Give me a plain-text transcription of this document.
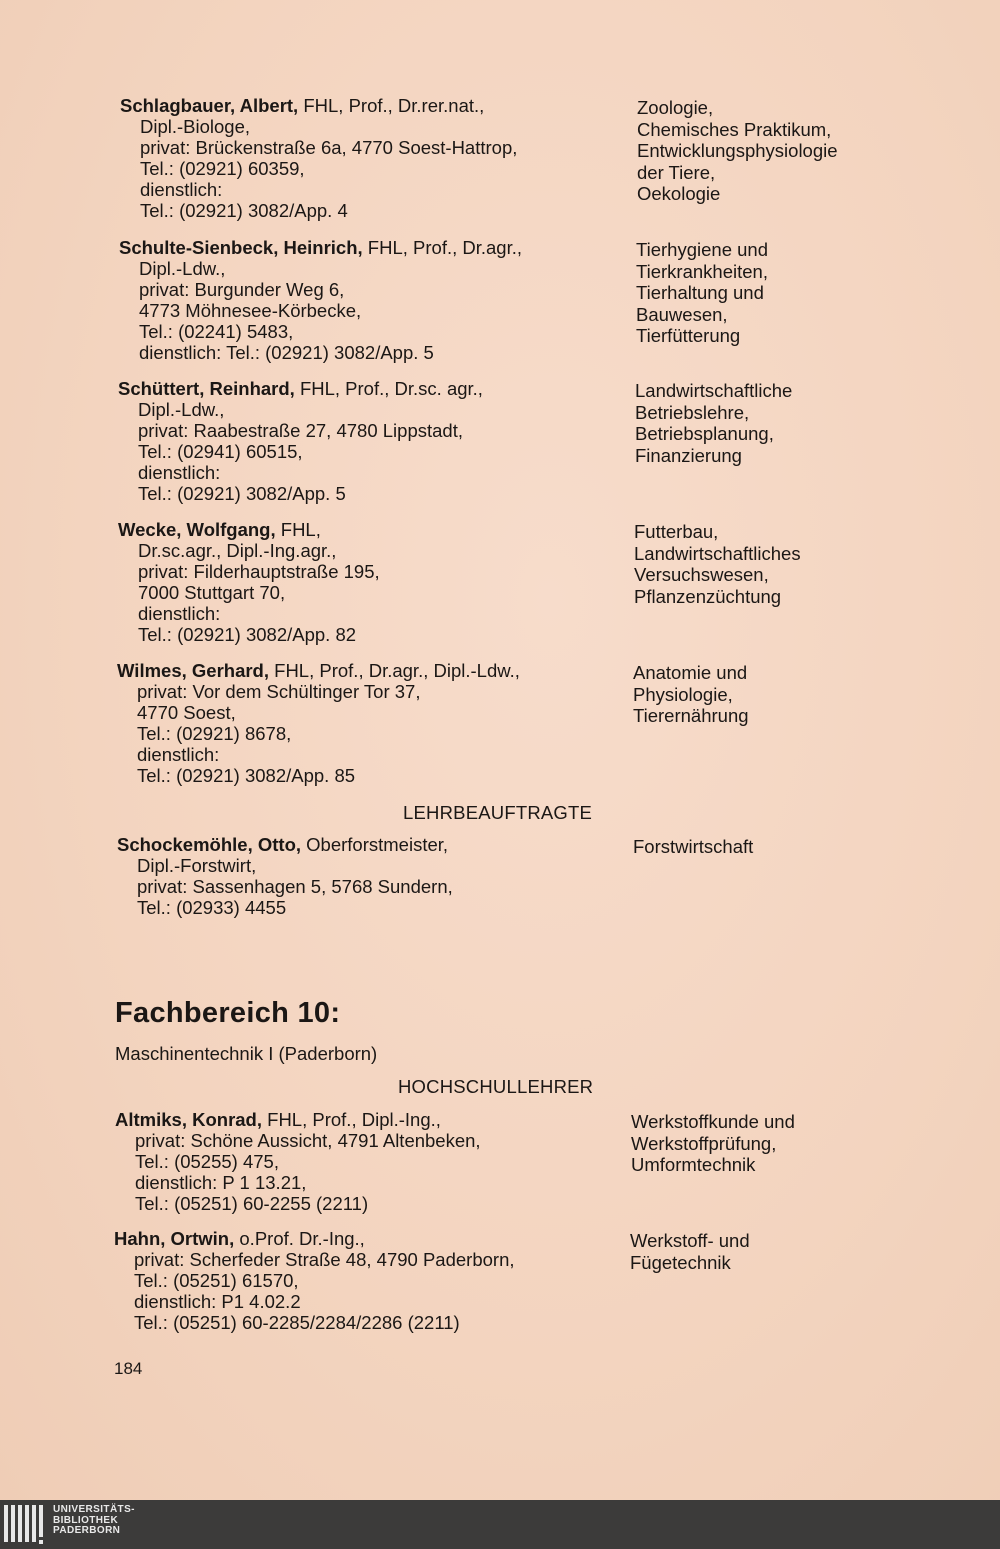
Schlagbauer, Albert, FHL, Prof., Dr.rer.nat.,
Dipl.-Biologe,
privat: Brückenstraße 6a, 4770 Soest-Hattrop,
Tel.: (02921) 60359,
dienstlich:
Tel.: (02921) 3082/App. 4
Zoologie,
Chemisches Praktikum,
Entwicklungsphysiologie
der Tiere,
Oekologie
Schulte-Sienbeck, Heinrich, FHL, Prof., Dr.agr.,
Dipl.-Ldw.,
privat: Burgunder Weg 6,
4773 Möhnesee-Körbecke,
Tel.: (02241) 5483,
dienstlich: Tel.: (02921) 3082/App. 5
Tierhygiene und
Tierkrankheiten,
Tierhaltung und
Bauwesen,
Tierfütterung
Schüttert, Reinhard, FHL, Prof., Dr.sc. agr.,
Dipl.-Ldw.,
privat: Raabestraße 27, 4780 Lippstadt,
Tel.: (02941) 60515,
dienstlich:
Tel.: (02921) 3082/App. 5
Landwirtschaftliche
Betriebslehre,
Betriebsplanung,
Finanzierung
Wecke, Wolfgang, FHL,
Dr.sc.agr., Dipl.-Ing.agr.,
privat: Filderhauptstraße 195,
7000 Stuttgart 70,
dienstlich:
Tel.: (02921) 3082/App. 82
Futterbau,
Landwirtschaftliches
Versuchswesen,
Pflanzenzüchtung
Wilmes, Gerhard, FHL, Prof., Dr.agr., Dipl.-Ldw.,
privat: Vor dem Schültinger Tor 37,
4770 Soest,
Tel.: (02921) 8678,
dienstlich:
Tel.: (02921) 3082/App. 85
Anatomie und
Physiologie,
Tierernährung
LEHRBEAUFTRAGTE
Schockemöhle, Otto, Oberforstmeister,
Dipl.-Forstwirt,
privat: Sassenhagen 5, 5768 Sundern,
Tel.: (02933) 4455
Forstwirtschaft
Fachbereich 10:
Maschinentechnik I (Paderborn)
HOCHSCHULLEHRER
Altmiks, Konrad, FHL, Prof., Dipl.-Ing.,
privat: Schöne Aussicht, 4791 Altenbeken,
Tel.: (05255) 475,
dienstlich: P 1 13.21,
Tel.: (05251) 60-2255 (2211)
Werkstoffkunde und
Werkstoffprüfung,
Umformtechnik
Hahn, Ortwin, o.Prof. Dr.-Ing.,
privat: Scherfeder Straße 48, 4790 Paderborn,
Tel.: (05251) 61570,
dienstlich: P1 4.02.2
Tel.: (05251) 60-2285/2284/2286 (2211)
Werkstoff- und
Fügetechnik
184
UNIVERSITÄTS-
BIBLIOTHEK
PADERBORN
